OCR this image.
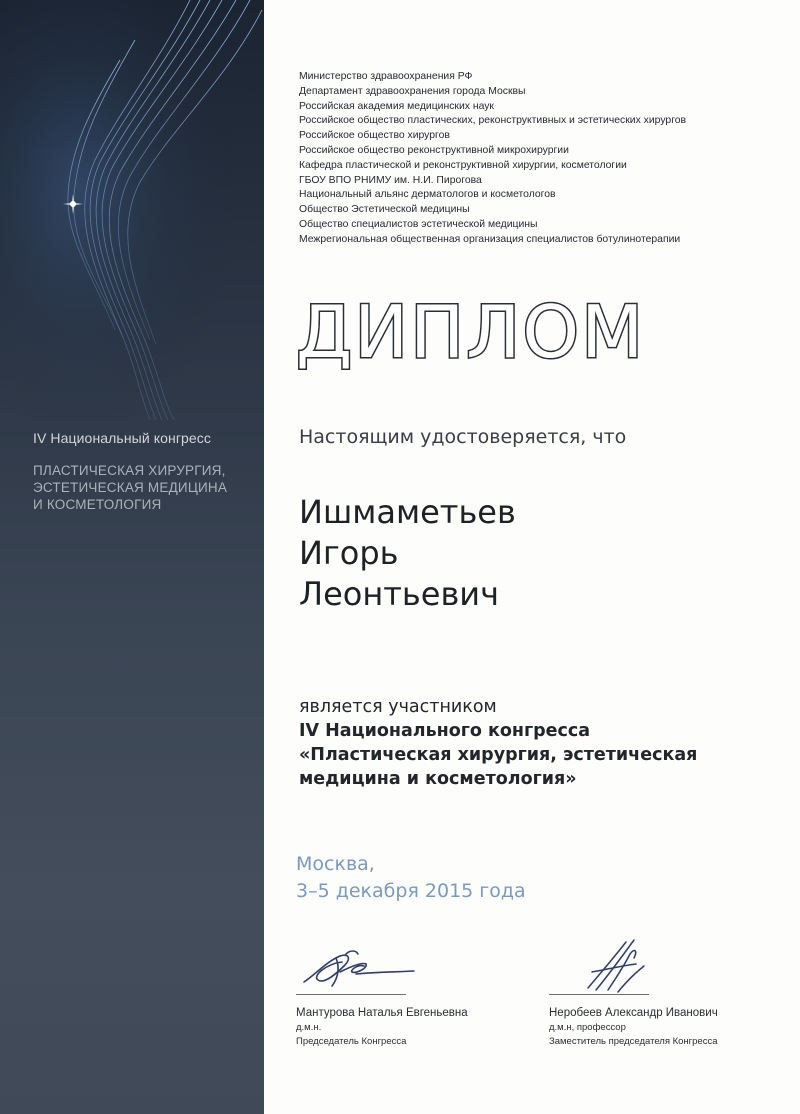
IV Национальный конгресс
ПЛАСТИЧЕСКАЯ ХИРУРГИЯ,
ЭСТЕТИЧЕСКАЯ МЕДИЦИНА
И КОСМЕТОЛОГИЯ
Министерство здравоохранения РФ
Департамент здравоохранения города Москвы
Российская академия медицинских наук
Российское общество пластических, реконструктивных и эстетических хирургов
Российское общество хирургов
Российское общество реконструктивной микрохирургии
Кафедра пластической и реконструктивной хирургии, косметологии
ГБОУ ВПО РНИМУ им. Н.И. Пирогова
Национальный альянс дерматологов и косметологов
Общество Эстетической медицины
Общество специалистов эстетической медицины
Межрегиональная общественная организация специалистов ботулинотерапии
ДИПЛОМ
Настоящим удостоверяется, что
Ишмаметьев
Игорь
Леонтьевич
является участником
IV Национального конгресса
«Пластическая хирургия, эстетическая
медицина и косметология»
Москва,
3–5 декабря 2015 года
Мантурова Наталья Евгеньевна
д.м.н.
Председатель Конгресса
Неробеев Александр Иванович
д.м.н, профессор
Заместитель председателя Конгресса
